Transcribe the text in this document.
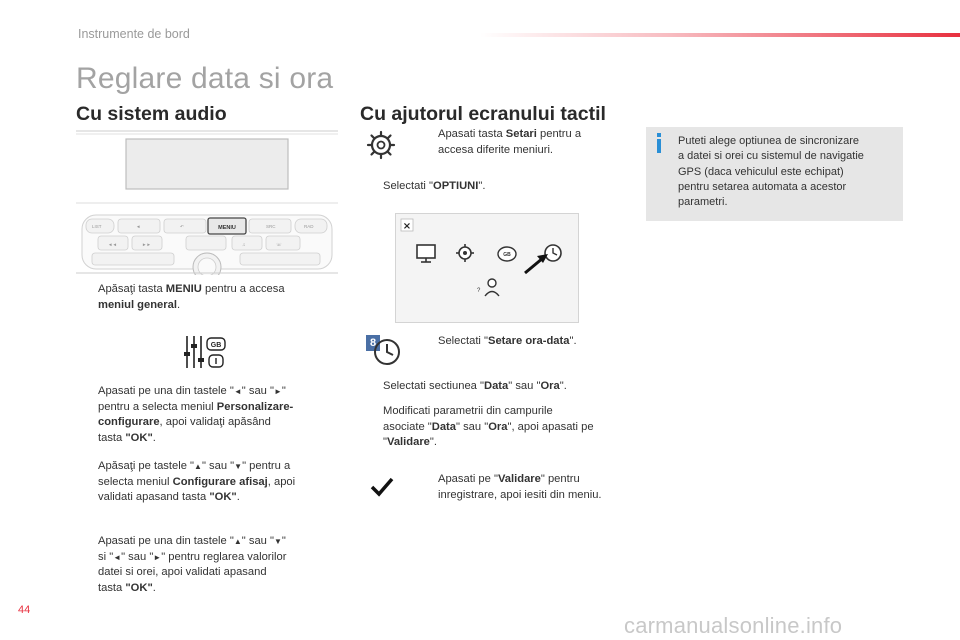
Instrumente de bord
Reglare data si ora
Cu sistem audio
MENIU
LIST	◄	↶	SRC	RAD
◄◄	►►	♫	☏
Apăsaţi tasta MENIU pentru a accesa
meniul general.
GB
Apasati pe una din tastele "◄" sau "►"
pentru a selecta meniul Personalizare-
configurare, apoi validaţi apăsând
tasta "OK".
Apăsaţi pe tastele "▲" sau "▼" pentru a
selecta meniul Configurare afisaj, apoi
validati apasand tasta "OK".
Apasati pe una din tastele "▲" sau "▼"
si "◄" sau "►" pentru reglarea valorilor
datei si orei, apoi validati apasand
tasta "OK".
Cu ajutorul ecranului tactil
Apasati tasta Setari pentru a
accesa diferite meniuri.
Selectati "OPTIUNI".
×
GB
?
8	Selectati "Setare ora-data".
Selectati sectiunea "Data" sau "Ora".
Modificati parametrii din campurile
asociate "Data" sau "Ora", apoi apasati pe
"Validare".
Apasati pe "Validare" pentru
inregistrare, apoi iesiti din meniu.
Puteti alege optiunea de sincronizare
a datei si orei cu sistemul de navigatie
GPS (daca vehiculul este echipat)
pentru setarea automata a acestor
parametri.
44
carmanualsonline.info
